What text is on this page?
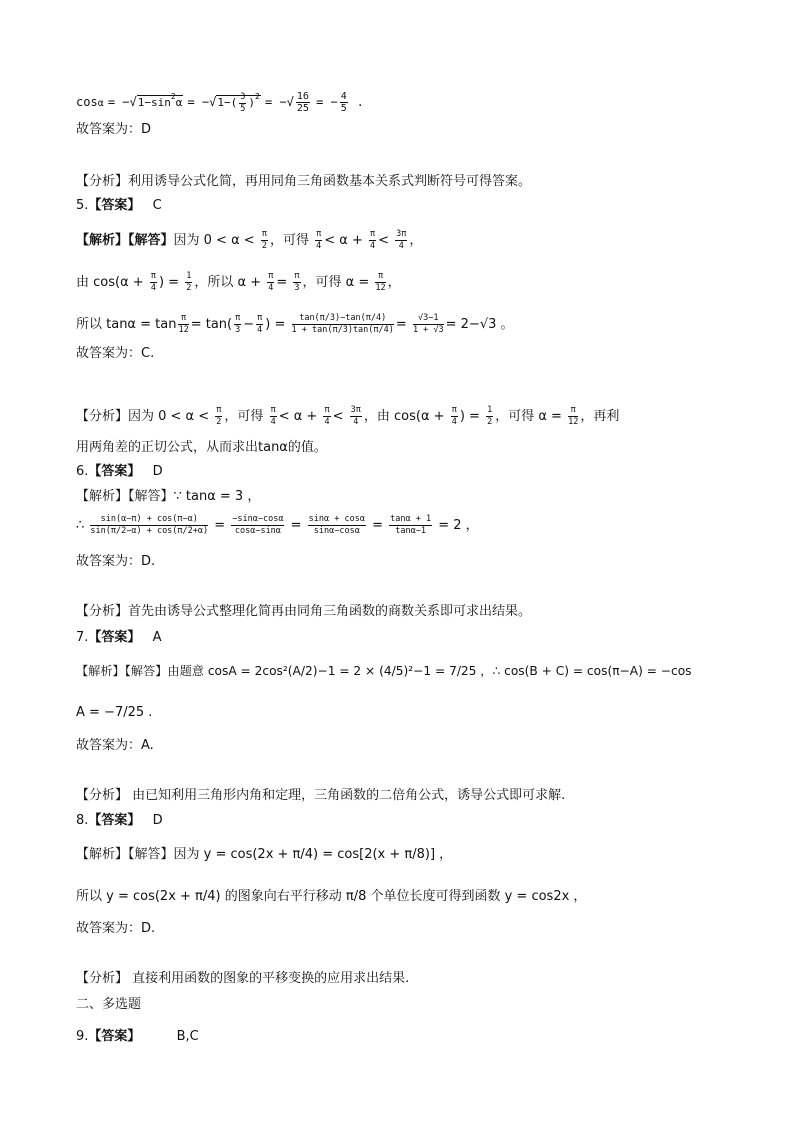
$\cos\alpha = -√1-\sin^2\alpha = -√1-( \frac{3}{5} )^2$ = −√ $\frac{16}{25}$ = − $\frac{4}{5}$ .
故答案为：D
【分析】利用诱导公式化简，再用同角三角函数基本关系式判断符号可得答案。
5.【答案】 C
【解析】【解答】因为 $0 < \alpha < \frac{\pi}{2}$ ，可得 $\frac{\pi}{4} < \alpha + \frac{\pi}{4} < \frac{3\pi}{4}$ ，
由 $\cos(\alpha + \frac{\pi}{4}$ ) = $\frac{1}{2}$ ，所以 $\alpha + \frac{\pi}{4} = \frac{\pi}{3}$ ，可得 $\alpha = \frac{\pi}{12}$ ，
所以 $\tan\alpha = \tan \frac{\pi}{12} = \tan( \frac{\pi}{3} - \frac{\pi}{4}$ ) = $\frac{\tan(\pi/3)-\tan(\pi/4)}{1 + \tan(\pi/3)\tan(\pi/4)} = \frac{√3-1}{1 + √3} = 2-√3$ 。
故答案为：C.
【分析】因为 $0 < \alpha < \frac{\pi}{2}$ ，可得 $\frac{\pi}{4} < \alpha + \frac{\pi}{4} < \frac{3\pi}{4}$ ，由 $\cos(\alpha + \frac{\pi}{4}$ ) = $\frac{1}{2}$ ，可得 $\alpha = \frac{\pi}{12}$ ，再利
用两角差的正切公式，从而求出tanα的值。
6.【答案】 D
【解析】【解答】∵ tanα = 3 ，
∴ $\frac{\sin(\alpha-\pi) + \cos(\pi-\alpha)}{\sin(\pi/2-\alpha) + \cos(\pi/2+\alpha)} = \frac{-\sin\alpha-\cos\alpha}{\cos\alpha-\sin\alpha} = \frac{\sin\alpha + \cos\alpha}{\sin\alpha-\cos\alpha} = \frac{\tan\alpha + 1}{\tan\alpha-1} = 2$ ，
故答案为：D.
【分析】首先由诱导公式整理化简再由同角三角函数的商数关系即可求出结果。
7.【答案】 A
【解析】【解答】由题意 cosA = 2cos²(A/2)−1 = 2 × (4/5)²−1 = 7/25 ，∴ cos(B + C) = cos(π−A) = −cos
A = −7/25 .
故答案为：A.
【分析】 由已知利用三角形内角和定理，三角函数的二倍角公式，诱导公式即可求解.
8.【答案】 D
【解析】【解答】因为 y = cos(2x + π/4) = cos[2(x + π/8)] ，
所以 y = cos(2x + π/4) 的图象向右平行移动 π/8 个单位长度可得到函数 y = cos2x ，
故答案为：D.
【分析】 直接利用函数的图象的平移变换的应用求出结果.
二、多选题
9.【答案】	B,C
